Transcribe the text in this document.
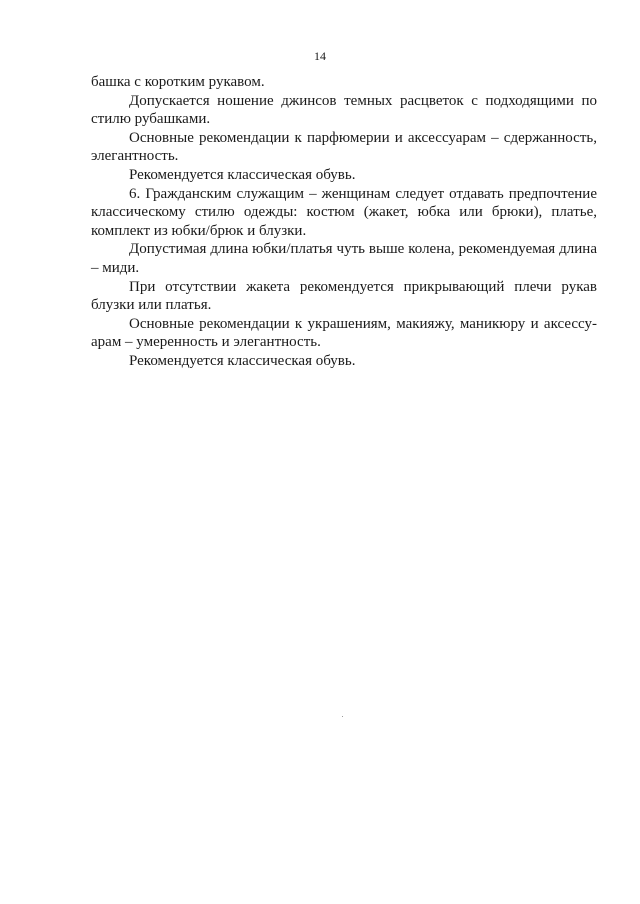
14

башка с коротким рукавом.

Допускается ношение джинсов темных расцветок с подходящими по стилю рубашками.

Основные рекомендации к парфюмерии и аксессуарам – сдержанность, элегантность.

Рекомендуется классическая обувь.

6. Гражданским служащим – женщинам следует отдавать предпочтение классическому стилю одежды: костюм (жакет, юбка или брюки), платье, комплект из юбки/брюк и блузки.

Допустимая длина юбки/платья чуть выше колена, рекомендуемая длина – миди.

При отсутствии жакета рекомендуется прикрывающий плечи рукав блузки или платья.

Основные рекомендации к украшениям, макияжу, маникюру и аксессу-арам – умеренность и элегантность.

Рекомендуется классическая обувь.
